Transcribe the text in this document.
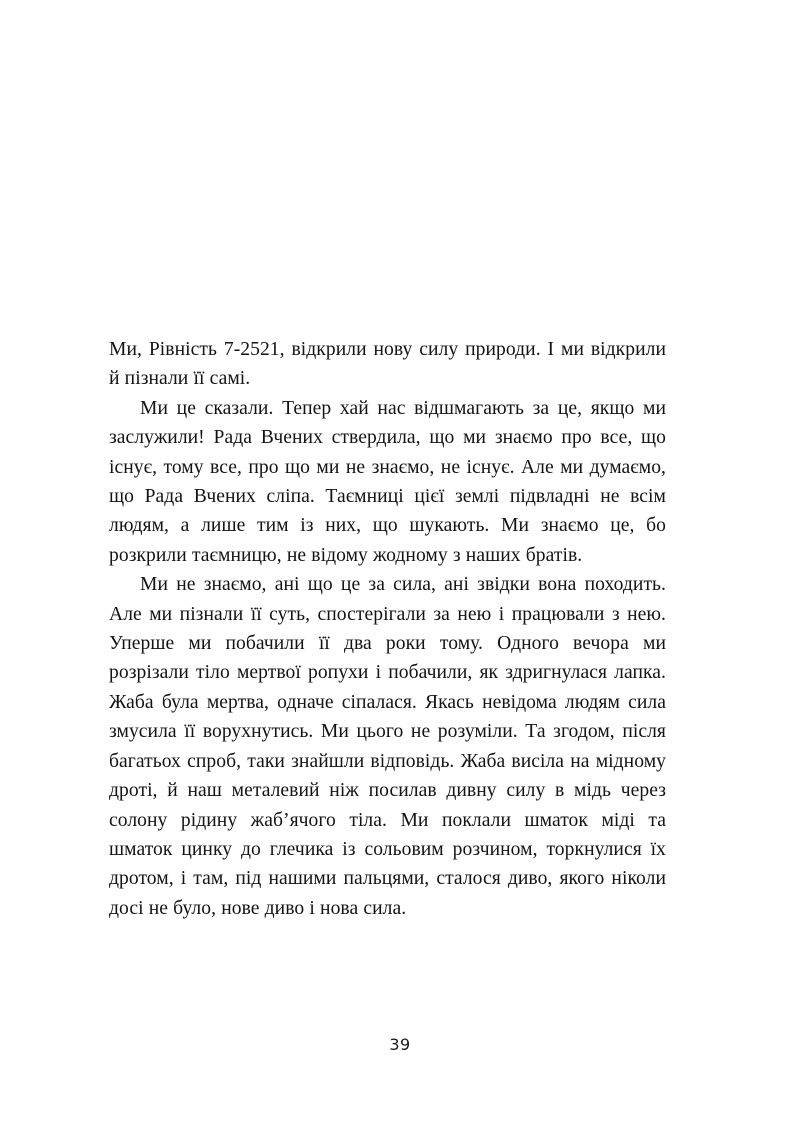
Ми, Рівність 7-2521, відкрили нову силу природи. І ми відкрили й пізнали її самі.

Ми це сказали. Тепер хай нас відшмагають за це, якщо ми заслужили! Рада Вчених ствердила, що ми знаємо про все, що існує, тому все, про що ми не знаємо, не існує. Але ми думаємо, що Рада Вчених сліпа. Таємниці цієї землі підвладні не всім людям, а лише тим із них, що шукають. Ми знаємо це, бо розкрили таємницю, не відому жодному з наших братів.

Ми не знаємо, ані що це за сила, ані звідки вона походить. Але ми пізнали її суть, спостерігали за нею і працювали з нею. Уперше ми побачили її два роки тому. Одного вечора ми розрізали тіло мертвої ропухи і побачили, як здригнулася лапка. Жаба була мертва, одначе сіпалася. Якась невідома людям сила змусила її ворухнутись. Ми цього не розуміли. Та згодом, після багатьох спроб, таки знайшли відповідь. Жаба висіла на мідному дроті, й наш металевий ніж посилав дивну силу в мідь через солону рідину жаб’ячого тіла. Ми поклали шматок міді та шматок цинку до глечика із сольовим розчином, торкнулися їх дротом, і там, під нашими пальцями, сталося диво, якого ніколи досі не було, нове диво і нова сила.

39
